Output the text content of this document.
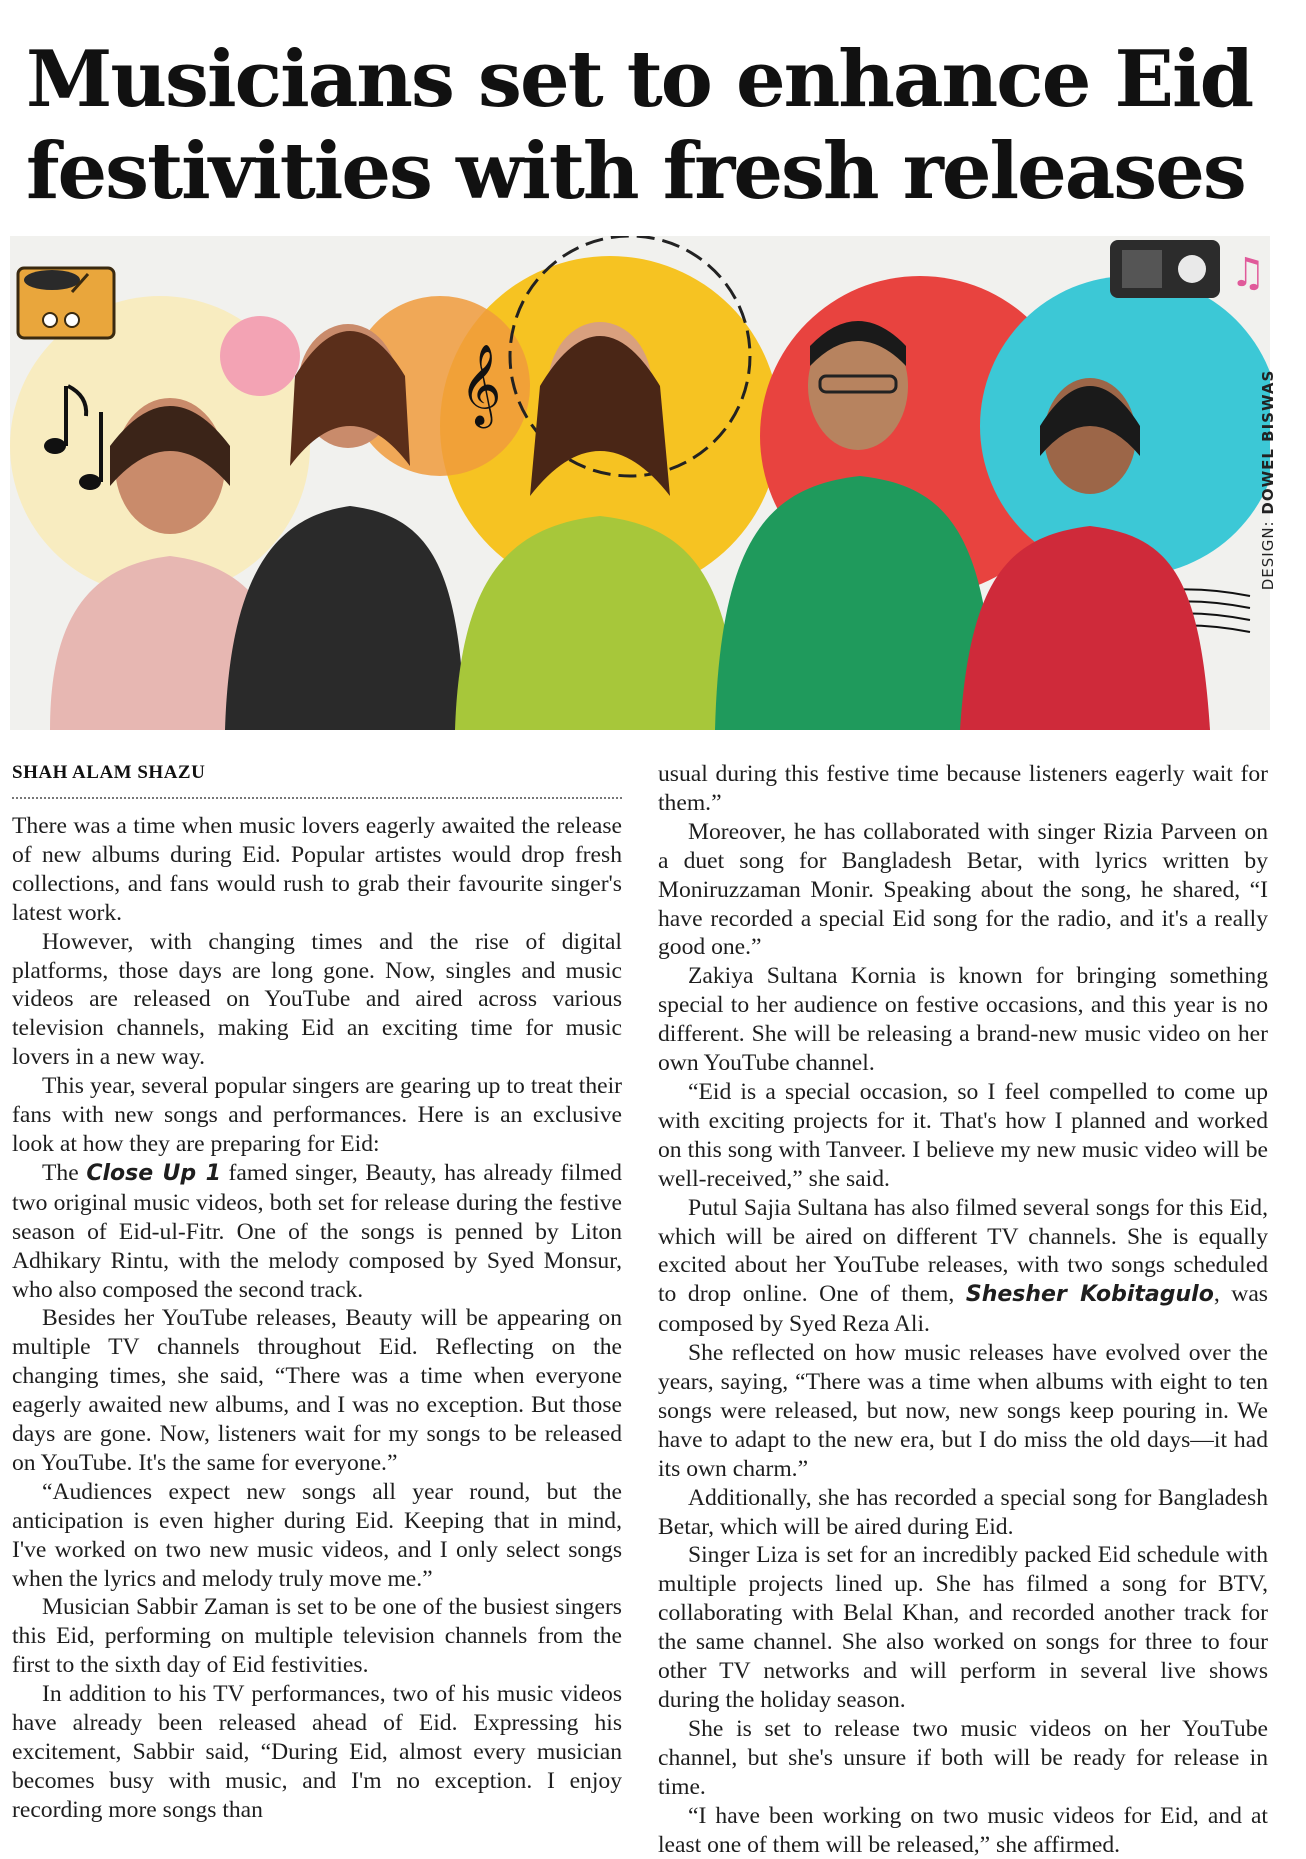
Musicians set to enhance Eid
festivities with fresh releases
𝄞
♫
DESIGN: DOWEL BISWAS
SHAH ALAM SHAZU

There was a time when music lovers eagerly awaited the release of new albums during Eid. Popular artistes would drop fresh collections, and fans would rush to grab their favourite singer's latest work.

However, with changing times and the rise of digital platforms, those days are long gone. Now, singles and music videos are released on YouTube and aired across various television channels, making Eid an exciting time for music lovers in a new way.

This year, several popular singers are gearing up to treat their fans with new songs and performances. Here is an exclusive look at how they are preparing for Eid:

The Close Up 1 famed singer, Beauty, has already filmed two original music videos, both set for release during the festive season of Eid-ul-Fitr. One of the songs is penned by Liton Adhikary Rintu, with the melody composed by Syed Monsur, who also composed the second track.

Besides her YouTube releases, Beauty will be appearing on multiple TV channels throughout Eid. Reflecting on the changing times, she said, “There was a time when everyone eagerly awaited new albums, and I was no exception. But those days are gone. Now, listeners wait for my songs to be released on YouTube. It's the same for everyone.”

“Audiences expect new songs all year round, but the anticipation is even higher during Eid. Keeping that in mind, I've worked on two new music videos, and I only select songs when the lyrics and melody truly move me.”

Musician Sabbir Zaman is set to be one of the busiest singers this Eid, performing on multiple television channels from the first to the sixth day of Eid festivities.

In addition to his TV performances, two of his music videos have already been released ahead of Eid. Expressing his excitement, Sabbir said, “During Eid, almost every musician becomes busy with music, and I'm no exception. I enjoy recording more songs than

usual during this festive time because listeners eagerly wait for them.”

Moreover, he has collaborated with singer Rizia Parveen on a duet song for Bangladesh Betar, with lyrics written by Moniruzzaman Monir. Speaking about the song, he shared, “I have recorded a special Eid song for the radio, and it's a really good one.”

Zakiya Sultana Kornia is known for bringing something special to her audience on festive occasions, and this year is no different. She will be releasing a brand-new music video on her own YouTube channel.

“Eid is a special occasion, so I feel compelled to come up with exciting projects for it. That's how I planned and worked on this song with Tanveer. I believe my new music video will be well-received,” she said.

Putul Sajia Sultana has also filmed several songs for this Eid, which will be aired on different TV channels. She is equally excited about her YouTube releases, with two songs scheduled to drop online. One of them, Shesher Kobitagulo, was composed by Syed Reza Ali.

She reflected on how music releases have evolved over the years, saying, “There was a time when albums with eight to ten songs were released, but now, new songs keep pouring in. We have to adapt to the new era, but I do miss the old days—it had its own charm.”

Additionally, she has recorded a special song for Bangladesh Betar, which will be aired during Eid.

Singer Liza is set for an incredibly packed Eid schedule with multiple projects lined up. She has filmed a song for BTV, collaborating with Belal Khan, and recorded another track for the same channel. She also worked on songs for three to four other TV networks and will perform in several live shows during the holiday season.

She is set to release two music videos on her YouTube channel, but she's unsure if both will be ready for release in time.

“I have been working on two music videos for Eid, and at least one of them will be released,” she affirmed.
